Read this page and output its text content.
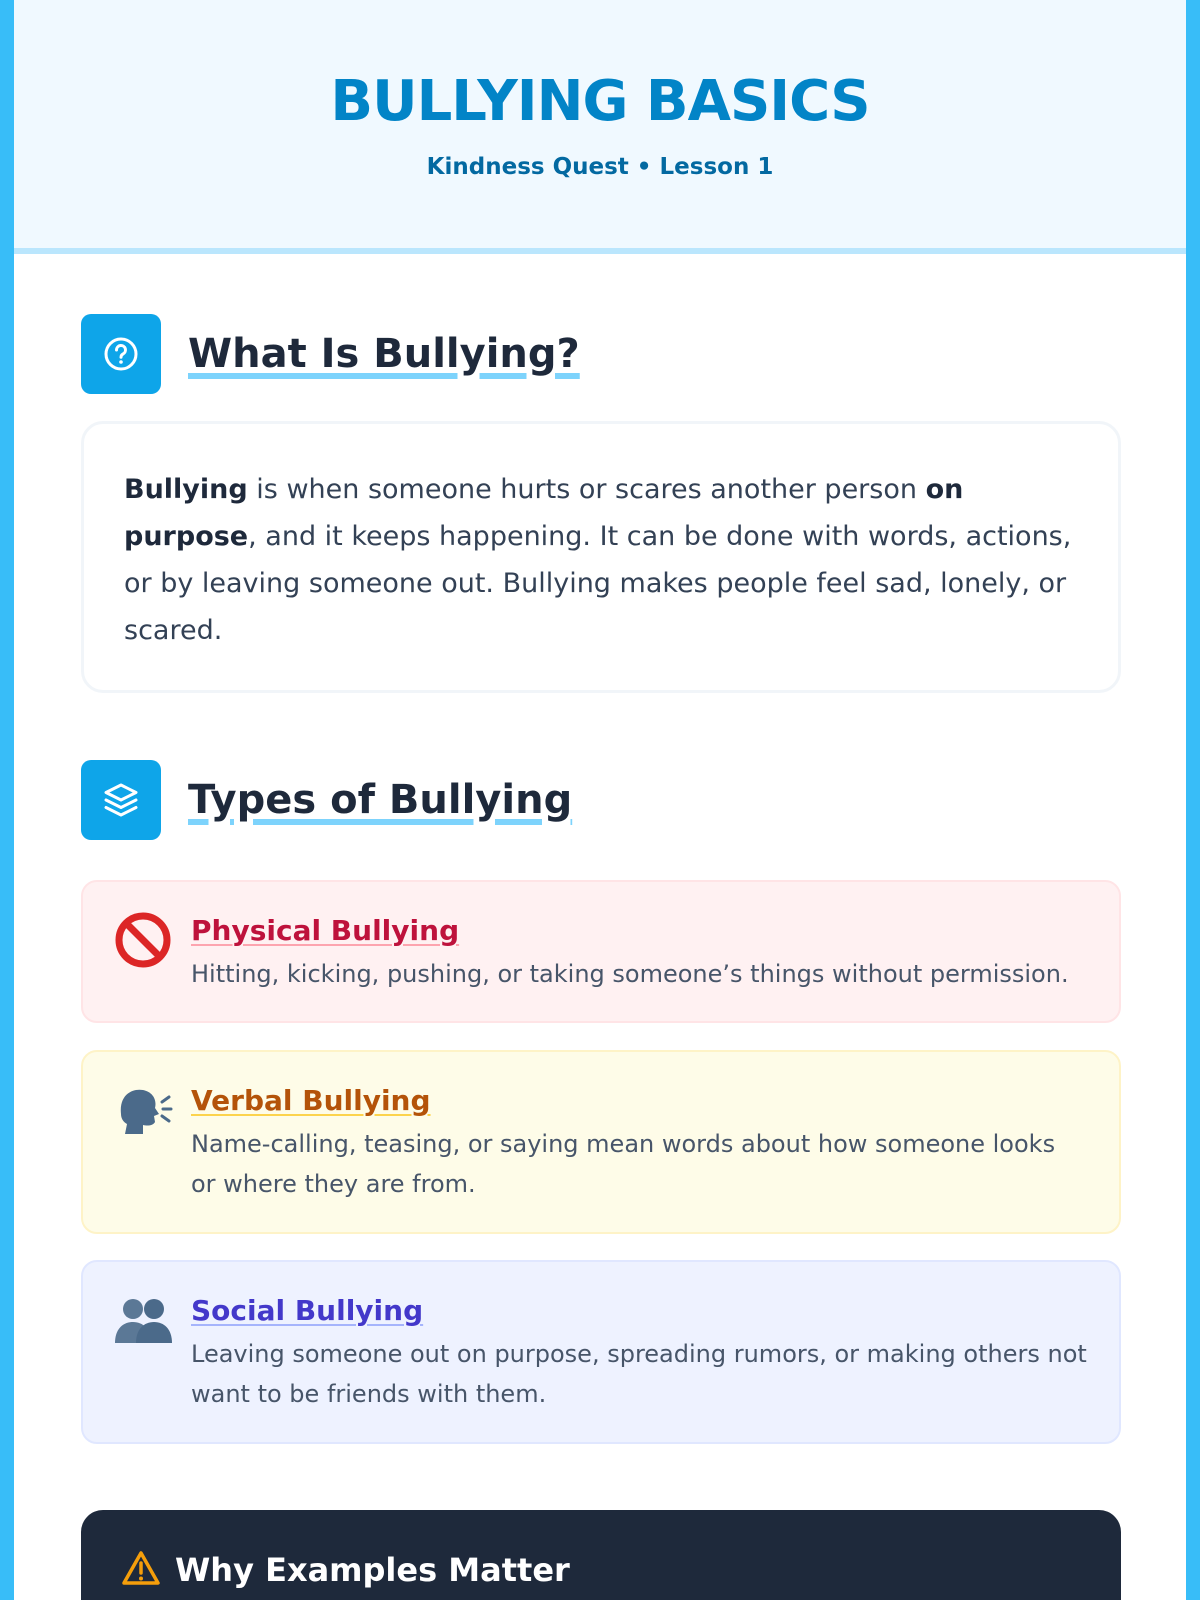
BULLYING BASICS
Kindness Quest • Lesson 1
What Is Bullying?
Bullying is when someone hurts or scares another person on purpose, and it keeps happening. It can be done with words, actions, or by leaving someone out. Bullying makes people feel sad, lonely, or scared.
Types of Bullying
Physical Bullying
Hitting, kicking, pushing, or taking someone’s things without permission.
Verbal Bullying
Name-calling, teasing, or saying mean words about how someone looks or where they are from.
Social Bullying
Leaving someone out on purpose, spreading rumors, or making others not want to be friends with them.
Why Examples Matter
